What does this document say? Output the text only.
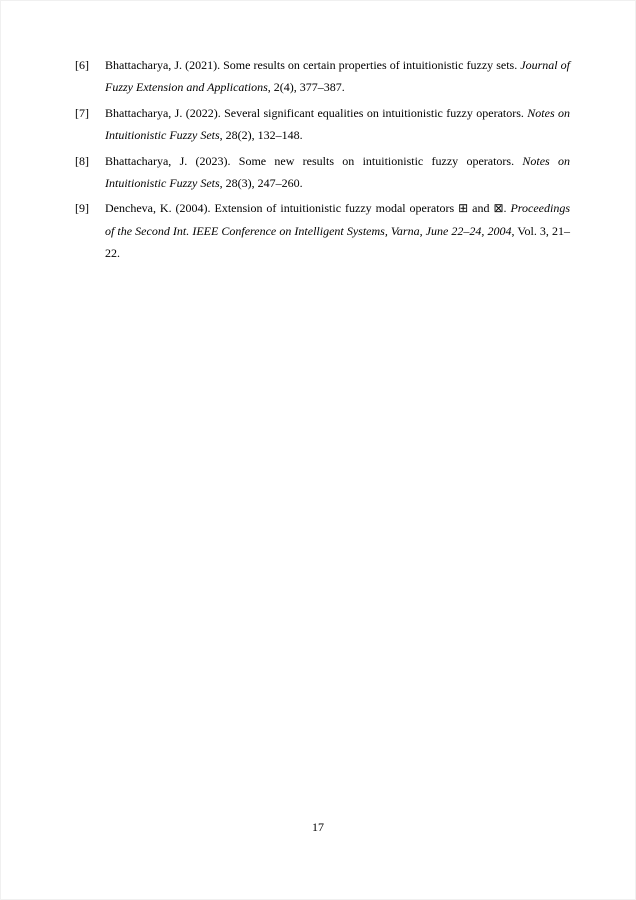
[6]	Bhattacharya, J. (2021). Some results on certain properties of intuitionistic fuzzy sets. Journal of Fuzzy Extension and Applications, 2(4), 377–387.
[7]	Bhattacharya, J. (2022). Several significant equalities on intuitionistic fuzzy operators. Notes on Intuitionistic Fuzzy Sets, 28(2), 132–148.
[8]	Bhattacharya, J. (2023). Some new results on intuitionistic fuzzy operators. Notes on Intuitionistic Fuzzy Sets, 28(3), 247–260.
[9]	Dencheva, K. (2004). Extension of intuitionistic fuzzy modal operators ⊞ and ⊠. Proceedings of the Second Int. IEEE Conference on Intelligent Systems, Varna, June 22–24, 2004, Vol. 3, 21–22.
17
